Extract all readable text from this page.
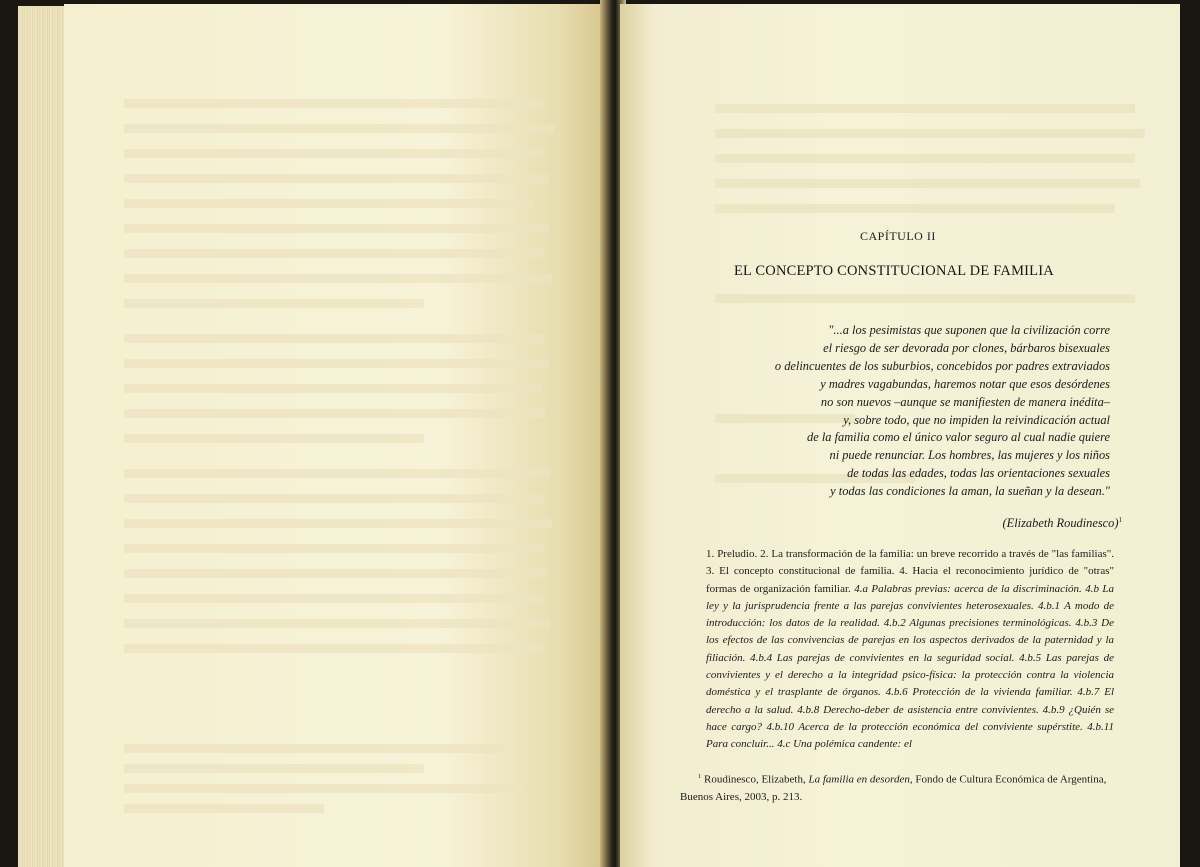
CAPÍTULO II
EL CONCEPTO CONSTITUCIONAL DE FAMILIA
"...a los pesimistas que suponen que la civilización corre
el riesgo de ser devorada por clones, bárbaros bisexuales
o delincuentes de los suburbios, concebidos por padres extraviados
y madres vagabundas, haremos notar que esos desórdenes
no son nuevos –aunque se manifiesten de manera inédita–
y, sobre todo, que no impiden la reivindicación actual
de la familia como el único valor seguro al cual nadie quiere
ni puede renunciar. Los hombres, las mujeres y los niños
de todas las edades, todas las orientaciones sexuales
y todas las condiciones la aman, la sueñan y la desean."
(Elizabeth Roudinesco)$^1$
1. Preludio. 2. La transformación de la familia: un breve recorrido a través de "las familias". 3. El concepto constitucional de familia. 4. Hacia el reconocimiento jurídico de "otras" formas de organización familiar. 4.a Palabras previas: acerca de la discriminación. 4.b La ley y la jurisprudencia frente a las parejas convivientes heterosexuales. 4.b.1 A modo de introducción: los datos de la realidad. 4.b.2 Algunas precisiones terminológicas. 4.b.3 De los efectos de las convivencias de parejas en los aspectos derivados de la paternidad y la filiación. 4.b.4 Las parejas de convivientes en la seguridad social. 4.b.5 Las parejas de convivientes y el derecho a la integridad psico-física: la protección contra la violencia doméstica y el trasplante de órganos. 4.b.6 Protección de la vivienda familiar. 4.b.7 El derecho a la salud. 4.b.8 Derecho-deber de asistencia entre convivientes. 4.b.9 ¿Quién se hace cargo? 4.b.10 Acerca de la protección económica del conviviente supérstite. 4.b.11 Para concluir... 4.c Una polémica candente: el
$^1$ Roudinesco, Elizabeth, La familia en desorden, Fondo de Cultura Económica de Argentina, Buenos Aires, 2003, p. 213.
